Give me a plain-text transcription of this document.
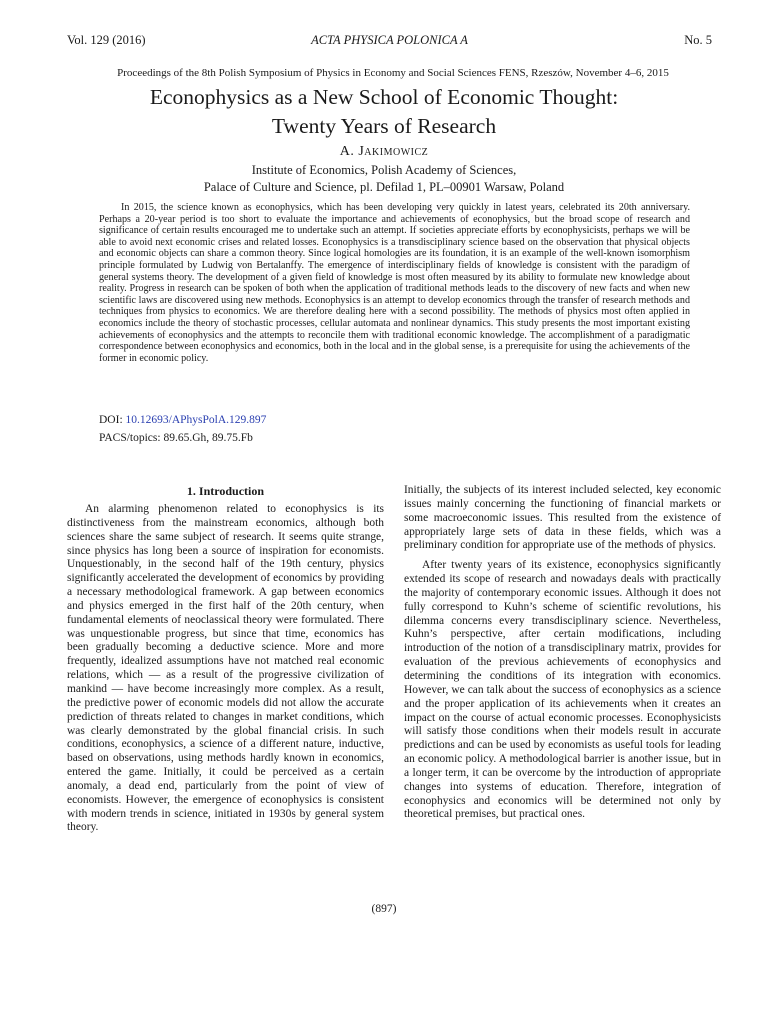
Vol. 129 (2016)	ACTA PHYSICA POLONICA A	No. 5
Proceedings of the 8th Polish Symposium of Physics in Economy and Social Sciences FENS, Rzeszów, November 4–6, 2015
Econophysics as a New School of Economic Thought:
Twenty Years of Research
A. Jakimowicz
Institute of Economics, Polish Academy of Sciences,
Palace of Culture and Science, pl. Defilad 1, PL–00901 Warsaw, Poland

In 2015, the science known as econophysics, which has been developing very quickly in latest years, celebrated its 20th anniversary. Perhaps a 20-year period is too short to evaluate the importance and achievements of econophysics, but the broad scope of research and significance of certain results encouraged me to undertake such an attempt. If societies appreciate efforts by econophysicists, perhaps we will be able to avoid next economic crises and related losses. Econophysics is a transdisciplinary science based on the observation that physical objects and economic objects can share a common theory. Since logical homologies are its foundation, it is an example of the well-known isomorphism principle formulated by Ludwig von Bertalanffy. The emergence of interdisciplinary fields of knowledge is consistent with the paradigm of general systems theory. The development of a given field of knowledge is most often measured by its ability to formulate new knowledge about reality. Progress in research can be spoken of both when the application of traditional methods leads to the discovery of new facts and when new scientific laws are discovered using new methods. Econophysics is an attempt to develop economics through the transfer of research methods and techniques from physics to economics. We are therefore dealing here with a second possibility. The methods of physics most often applied in economics include the theory of stochastic processes, cellular automata and nonlinear dynamics. This study presents the most important existing achievements of econophysics and the attempts to reconcile them with traditional economic knowledge. The accomplishment of a paradigmatic correspondence between econophysics and economics, both in the local and in the global sense, is a prerequisite for using the achievements of the former in economic policy.

DOI: 10.12693/APhysPolA.129.897
PACS/topics: 89.65.Gh, 89.75.Fb
1. Introduction

An alarming phenomenon related to econophysics is its distinctiveness from the mainstream economics, although both sciences share the same subject of research. It seems quite strange, since physics has long been a source of inspiration for economists. Unquestionably, in the second half of the 19th century, physics significantly accelerated the development of economics by providing a necessary methodological framework. A gap between economics and physics emerged in the first half of the 20th century, when fundamental elements of neoclassical theory were formulated. There was unquestionable progress, but since that time, economics has been gradually becoming a deductive science. More and more frequently, idealized assumptions have not matched real economic relations, which — as a result of the progressive civilization of mankind — have become increasingly more complex. As a result, the predictive power of economic models did not allow the accurate prediction of threats related to changes in market conditions, which was clearly demonstrated by the global financial crisis. In such conditions, econophysics, a science of a different nature, inductive, based on observations, using methods hardly known in economics, entered the game. Initially, it could be perceived as a certain anomaly, a dead end, particularly from the point of view of economists. However, the emergence of econophysics is consistent with modern trends in science, initiated in 1930s by general system theory.

Initially, the subjects of its interest included selected, key economic issues mainly concerning the functioning of financial markets or some macroeconomic issues. This resulted from the existence of appropriately large sets of data in these fields, which was a preliminary condition for appropriate use of the methods of physics.

After twenty years of its existence, econophysics significantly extended its scope of research and nowadays deals with practically the majority of contemporary economic issues. Although it does not fully correspond to Kuhn’s scheme of scientific revolutions, his dilemma concerns every transdisciplinary science. Nevertheless, Kuhn’s perspective, after certain modifications, including introduction of the notion of a transdisciplinary matrix, provides for evaluation of the previous achievements of econophysics and determining the conditions of its integration with economics. However, we can talk about the success of econophysics as a science and the proper application of its achievements when it creates an impact on the course of actual economic processes. Econophysicists will satisfy those conditions when their models result in accurate predictions and can be used by economists as useful tools for leading an economic policy. A methodological barrier is another issue, but in a longer term, it can be overcome by the introduction of appropriate changes into systems of education. Therefore, integration of econophysics and economics will be determined not only by theoretical premises, but practical ones.

(897)
